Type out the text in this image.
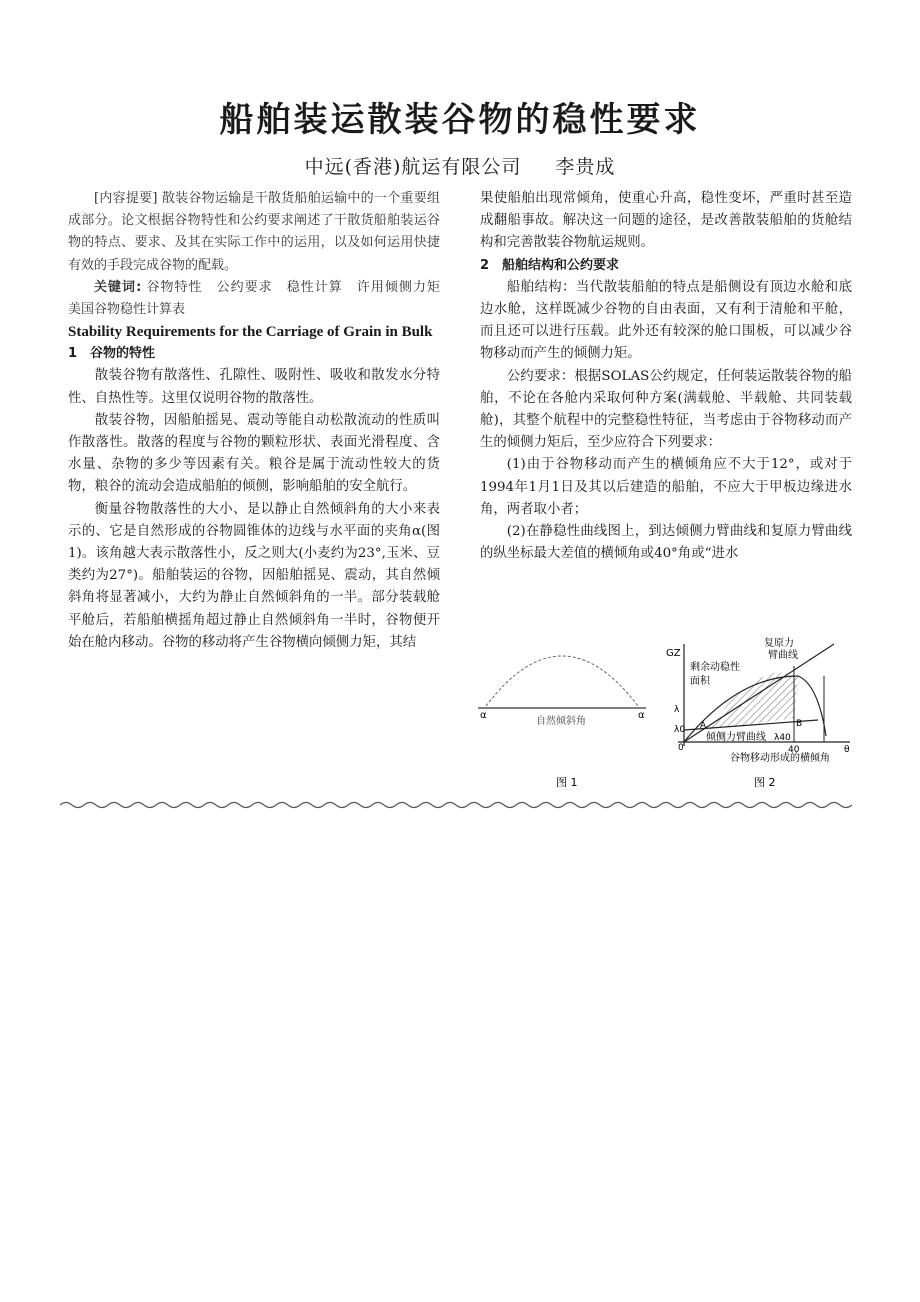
船舶装运散装谷物的稳性要求
中远(香港)航运有限公司 李贵成

[内容提要] 散装谷物运输是干散货船舶运输中的一个重要组成部分。论文根据谷物特性和公约要求阐述了干散货船舶装运谷物的特点、要求、及其在实际工作中的运用，以及如何运用快捷有效的手段完成谷物的配载。

关键词: 谷物特性　公约要求　稳性计算　许用倾侧力矩　美国谷物稳性计算表

Stability Requirements for the Carriage of Grain in Bulk

1　谷物的特性

散装谷物有散落性、孔隙性、吸附性、吸收和散发水分特性、自热性等。这里仅说明谷物的散落性。

散装谷物，因船舶摇晃、震动等能自动松散流动的性质叫作散落性。散落的程度与谷物的颗粒形状、表面光滑程度、含水量、杂物的多少等因素有关。粮谷是属于流动性较大的货物，粮谷的流动会造成船舶的倾侧，影响船舶的安全航行。

衡量谷物散落性的大小、是以静止自然倾斜角的大小来表示的、它是自然形成的谷物圆锥体的边线与水平面的夹角α(图1)。该角越大表示散落性小，反之则大(小麦约为23°,玉米、豆类约为27°)。船舶装运的谷物，因船舶摇晃、震动，其自然倾斜角将显著减小，大约为静止自然倾斜角的一半。部分装载舱平舱后，若船舶横摇角超过静止自然倾斜角一半时，谷物便开始在舱内移动。谷物的移动将产生谷物横向倾侧力矩，其结

果使船舶出现常倾角，使重心升高，稳性变坏，严重时甚至造成翻船事故。解决这一问题的途径，是改善散装船舶的货舱结构和完善散装谷物航运规则。

2　船舶结构和公约要求

船舶结构：当代散装船舶的特点是船侧设有顶边水舱和底边水舱，这样既减少谷物的自由表面，又有利于清舱和平舱，而且还可以进行压载。此外还有较深的舱口围板，可以减少谷物移动而产生的倾侧力矩。

公约要求：根据SOLAS公约规定，任何装运散装谷物的船舶，不论在各舱内采取何种方案(满载舱、半载舱、共同装载舱)，其整个航程中的完整稳性特征，当考虑由于谷物移动而产生的倾侧力矩后，至少应符合下列要求：

(1)由于谷物移动而产生的横倾角应不大于12°，或对于1994年1月1日及其以后建造的船舶，不应大于甲板边缘进水角，两者取小者；

(2)在静稳性曲线图上，到达倾侧力臂曲线和复原力臂曲线的纵坐标最大差值的横倾角或40°角或“进水

α	α
自然倾斜角
图 1
GZ
复原力
臂曲线
剩余动稳性
面积
λ
λ0 A	B
倾侧力臂曲线 λ40
0	40	θ
谷物移动形成的横倾角
图 2
